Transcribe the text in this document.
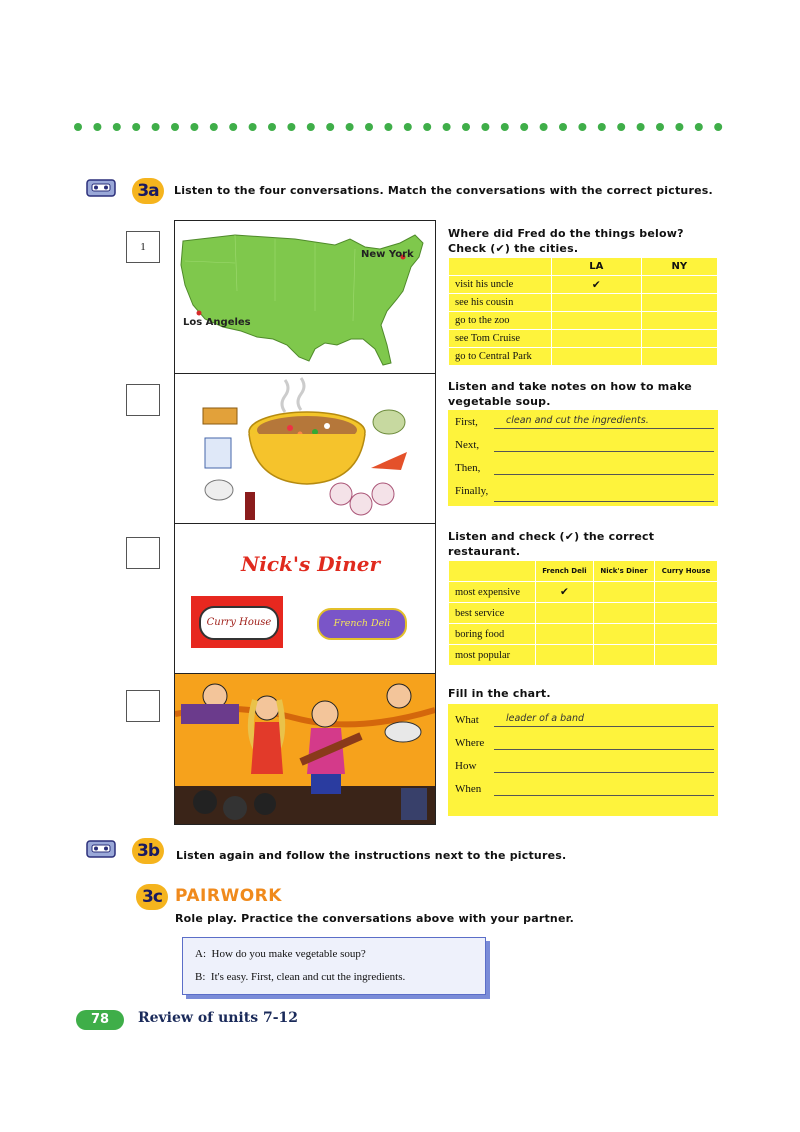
3a	Listen to the four conversations. Match the conversations with the correct pictures.
1
New York
Los Angeles
Nick's Diner
Curry House	French Deli
Where did Fred do the things below? Check (✔) the cities.
	LA	NY
visit his uncle	✔	
see his cousin		
go to the zoo		
see Tom Cruise		
go to Central Park		
Listen and take notes on how to make vegetable soup.
First,	clean and cut the ingredients.
Next,
Then,
Finally,
Listen and check (✔) the correct restaurant.
	French Deli	Nick's Diner	Curry House
most expensive	✔		
best service			
boring food			
most popular			
Fill in the chart.
What	leader of a band
Where
How
When
3b	Listen again and follow the instructions next to the pictures.
3c PAIRWORK
Role play. Practice the conversations above with your partner.
A: How do you make vegetable soup?
B: It's easy. First, clean and cut the ingredients.
78	Review of units 7-12
